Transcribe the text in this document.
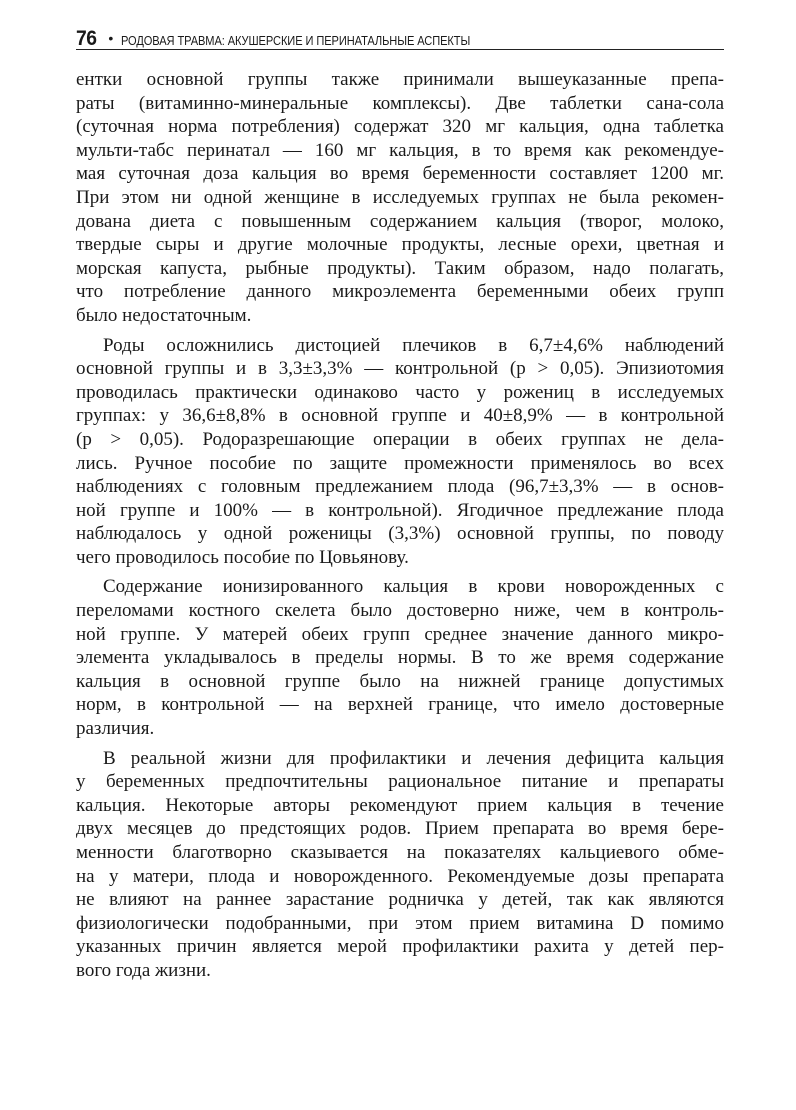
76 • РОДОВАЯ ТРАВМА: АКУШЕРСКИЕ И ПЕРИНАТАЛЬНЫЕ АСПЕКТЫ

ентки основной группы также принимали вышеуказанные препа-
раты (витаминно-минеральные комплексы). Две таблетки сана-сола
(суточная норма потребления) содержат 320 мг кальция, одна таблетка
мульти-табс перинатал — 160 мг кальция, в то время как рекомендуе-
мая суточная доза кальция во время беременности составляет 1200 мг.
При этом ни одной женщине в исследуемых группах не была рекомен-
дована диета с повышенным содержанием кальция (творог, молоко,
твердые сыры и другие молочные продукты, лесные орехи, цветная и
морская капуста, рыбные продукты). Таким образом, надо полагать,
что потребление данного микроэлемента беременными обеих групп
было недостаточным.

Роды осложнились дистоцией плечиков в 6,7±4,6% наблюдений
основной группы и в 3,3±3,3% — контрольной (p > 0,05). Эпизиотомия
проводилась практически одинаково часто у рожениц в исследуемых
группах: у 36,6±8,8% в основной группе и 40±8,9% — в контрольной
(p > 0,05). Родоразрешающие операции в обеих группах не дела-
лись. Ручное пособие по защите промежности применялось во всех
наблюдениях с головным предлежанием плода (96,7±3,3% — в основ-
ной группе и 100% — в контрольной). Ягодичное предлежание плода
наблюдалось у одной роженицы (3,3%) основной группы, по поводу
чего проводилось пособие по Цовьянову.

Содержание ионизированного кальция в крови новорожденных с
переломами костного скелета было достоверно ниже, чем в контроль-
ной группе. У матерей обеих групп среднее значение данного микро-
элемента укладывалось в пределы нормы. В то же время содержание
кальция в основной группе было на нижней границе допустимых
норм, в контрольной — на верхней границе, что имело достоверные
различия.

В реальной жизни для профилактики и лечения дефицита кальция
у беременных предпочтительны рациональное питание и препараты
кальция. Некоторые авторы рекомендуют прием кальция в течение
двух месяцев до предстоящих родов. Прием препарата во время бере-
менности благотворно сказывается на показателях кальциевого обме-
на у матери, плода и новорожденного. Рекомендуемые дозы препарата
не влияют на раннее зарастание родничка у детей, так как являются
физиологически подобранными, при этом прием витамина D помимо
указанных причин является мерой профилактики рахита у детей пер-
вого года жизни.
